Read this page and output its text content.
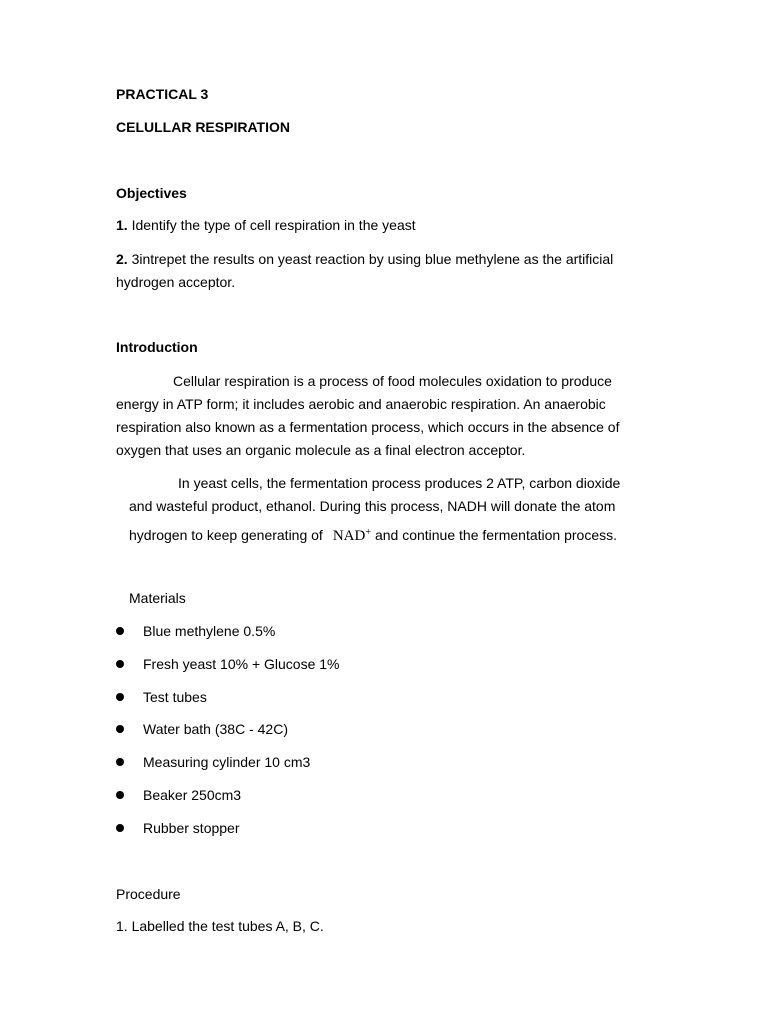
PRACTICAL 3
CELULLAR RESPIRATION
Objectives
1. Identify the type of cell respiration in the yeast
2. 3intrepet the results on yeast reaction by using blue methylene as the artificial
hydrogen acceptor.
Introduction
Cellular respiration is a process of food molecules oxidation to produce
energy in ATP form; it includes aerobic and anaerobic respiration. An anaerobic
respiration also known as a fermentation process, which occurs in the absence of
oxygen that uses an organic molecule as a final electron acceptor.
In yeast cells, the fermentation process produces 2 ATP, carbon dioxide
and wasteful product, ethanol. During this process, NADH will donate the atom
hydrogen to keep generating of NAD+ and continue the fermentation process.
Materials
Blue methylene 0.5%
Fresh yeast 10% + Glucose 1%
Test tubes
Water bath (38C - 42C)
Measuring cylinder 10 cm3
Beaker 250cm3
Rubber stopper
Procedure
1. Labelled the test tubes A, B, C.
